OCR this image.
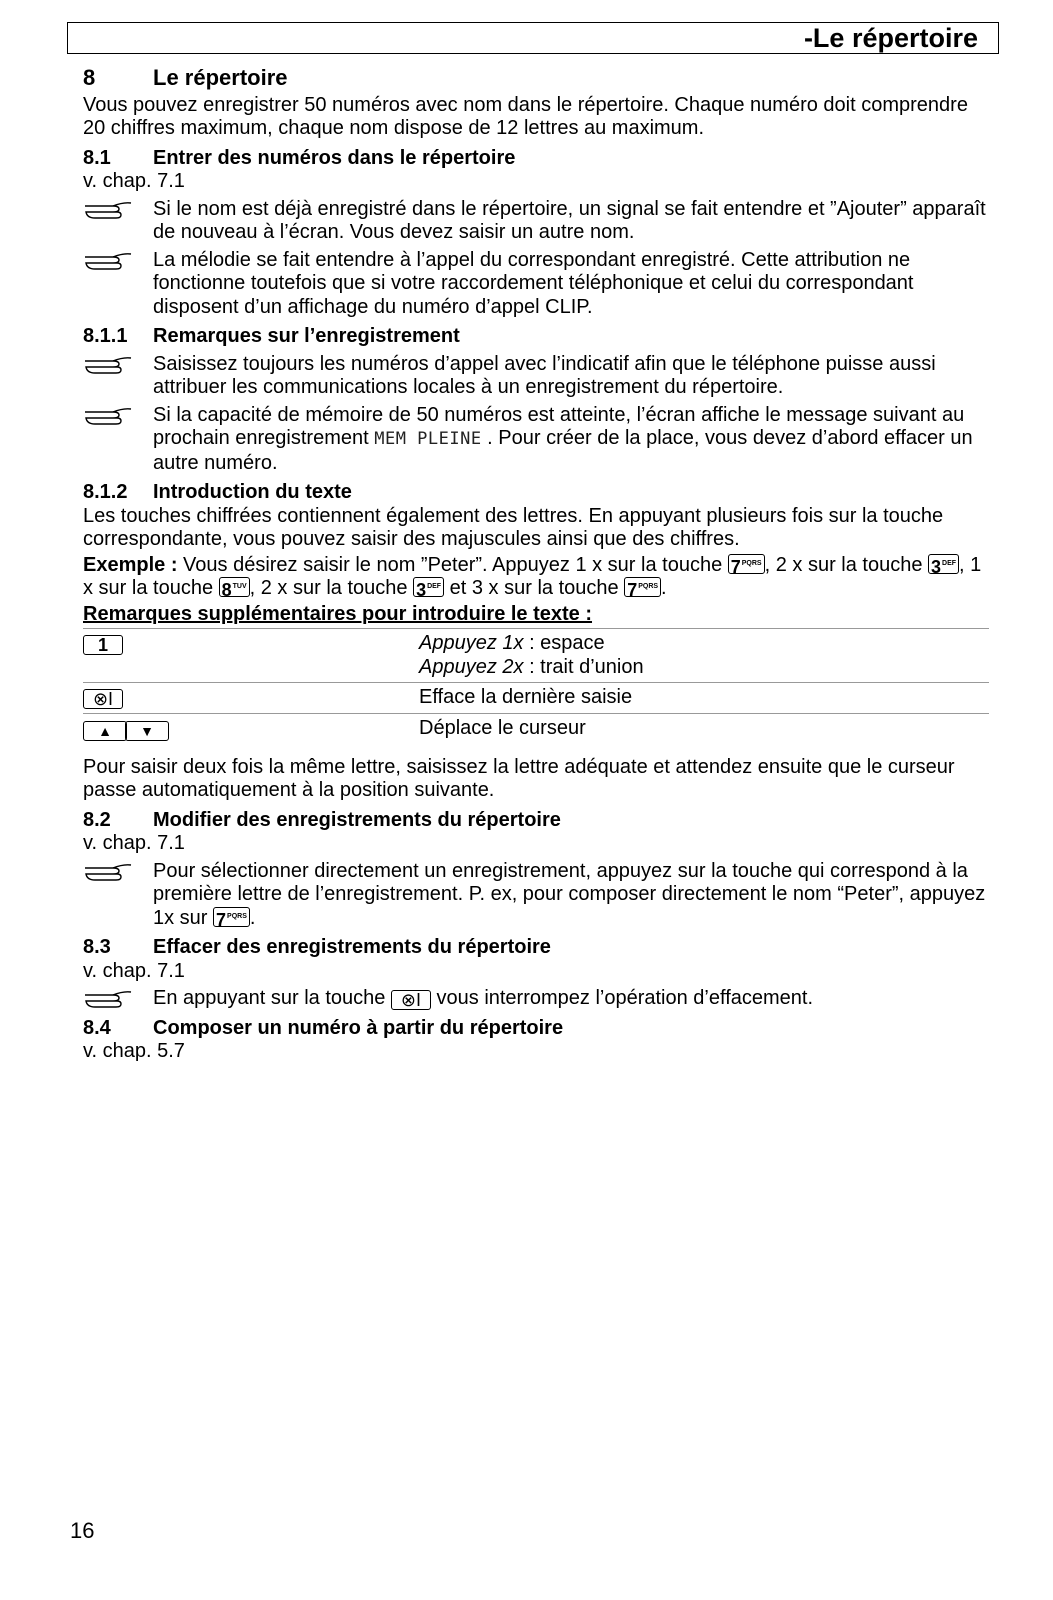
-Le répertoire
8	Le répertoire

Vous pouvez enregistrer 50 numéros avec nom dans le répertoire. Chaque numéro doit comprendre 20 chiffres maximum, chaque nom dispose de 12 lettres au maximum.

8.1	Entrer des numéros dans le répertoire

v. chap. 7.1

Si le nom est déjà enregistré dans le répertoire, un signal se fait entendre et ”Ajouter” apparaît de nouveau à l’écran. Vous devez saisir un autre nom.
La mélodie se fait entendre à l’appel du correspondant enregistré. Cette attribution ne fonctionne toutefois que si votre raccordement téléphonique et celui du correspondant disposent d’un affichage du numéro d’appel CLIP.
8.1.1	Remarques sur l’enregistrement
Saisissez toujours les numéros d’appel avec l’indicatif afin que le téléphone puisse aussi attribuer les communications locales à un enregistrement du répertoire.
Si la capacité de mémoire de 50 numéros est atteinte, l’écran affiche le message suivant au prochain enregistrement MEM PLEINE . Pour créer de la place, vous devez d’abord effacer un autre numéro.
8.1.2	Introduction du texte

Les touches chiffrées contiennent également des lettres. En appuyant plusieurs fois sur la touche correspondante, vous pouvez saisir des majuscules ainsi que des chiffres.

Exemple : Vous désirez saisir le nom ”Peter”. Appuyez 1 x sur la touche $7^{PQRS}$ , 2 x sur la touche $3^{DEF}$ , 1 x sur la touche $8^{TUV}$ , 2 x sur la touche $3^{DEF}$ et 3 x sur la touche $7^{PQRS}$ .

Remarques supplémentaires pour introduire le texte :

1	Appuyez 1x : espace
Appuyez 2x : trait d’union

⊗I	Efface la dernière saisie
▲ ▼	Déplace le curseur

Pour saisir deux fois la même lettre, saisissez la lettre adéquate et attendez ensuite que le curseur passe automatiquement à la position suivante.

8.2	Modifier des enregistrements du répertoire

v. chap. 7.1

Pour sélectionner directement un enregistrement, appuyez sur la touche qui correspond à la première lettre de l’enregistrement. P. ex, pour composer directement le nom “Peter”, appuyez 1x sur $7^{PQRS}$ .
8.3	Effacer des enregistrements du répertoire

v. chap. 7.1

En appuyant sur la touche ⊗I vous interrompez l’opération d’effacement.
8.4	Composer un numéro à partir du répertoire

v. chap. 5.7

16
